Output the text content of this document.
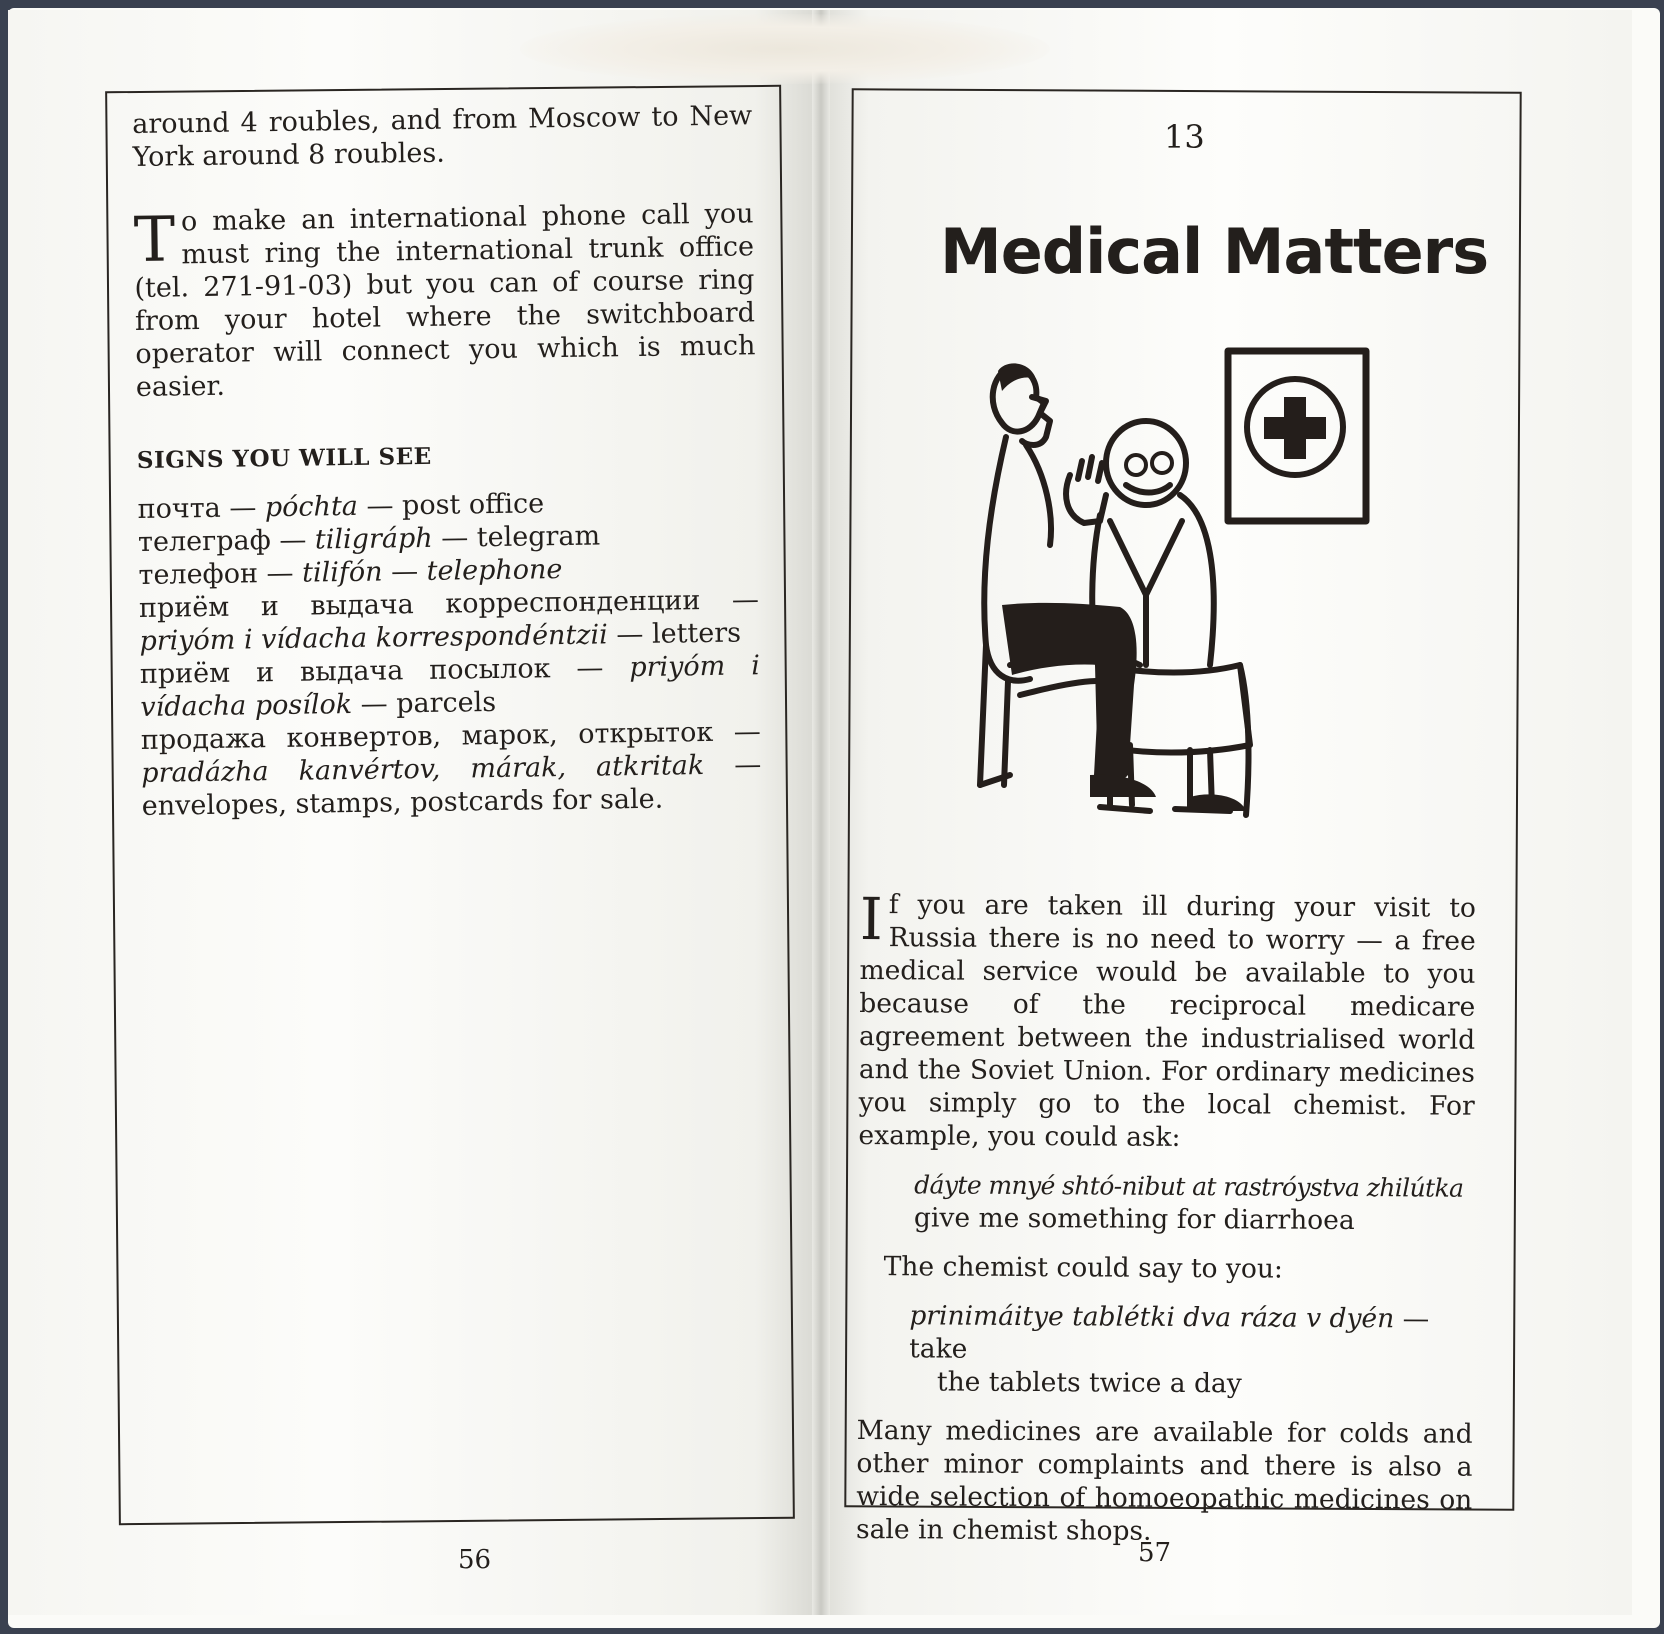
around 4 roubles, and from Moscow to New York around 8 roubles.

To make an international phone call you must ring the international trunk office (tel. 271-91-03) but you can of course ring from your hotel where the switchboard operator will connect you which is much easier.

SIGNS YOU WILL SEE

почта — póchta — post office

телеграф — tiligráph — telegram

телефон — tilifón — telephone

приём и выдача корреспонденции — priyóm i vídacha korrespondéntzii — letters

приём и выдача посылок — priyóm i vídacha posílok — parcels

продажа конвертов, марок, открыток — pradázha kanvértov, márak, atkritak — envelopes, stamps, postcards for sale.

56
13
Medical Matters

If you are taken ill during your visit to Russia there is no need to worry — a free medical service would be available to you because of the reciprocal medicare agreement between the industrialised world and the Soviet Union. For ordinary medicines you simply go to the local chemist. For example, you could ask:

dáyte mnyé shtó-nibut at rastróystva zhilútka
give me something for diarrhoea

The chemist could say to you:

prinimáitye tablétki dva ráza v dyén — take
the tablets twice a day

Many medicines are available for colds and other minor complaints and there is also a wide selection of homoeopathic medicines on sale in chemist shops.

57
